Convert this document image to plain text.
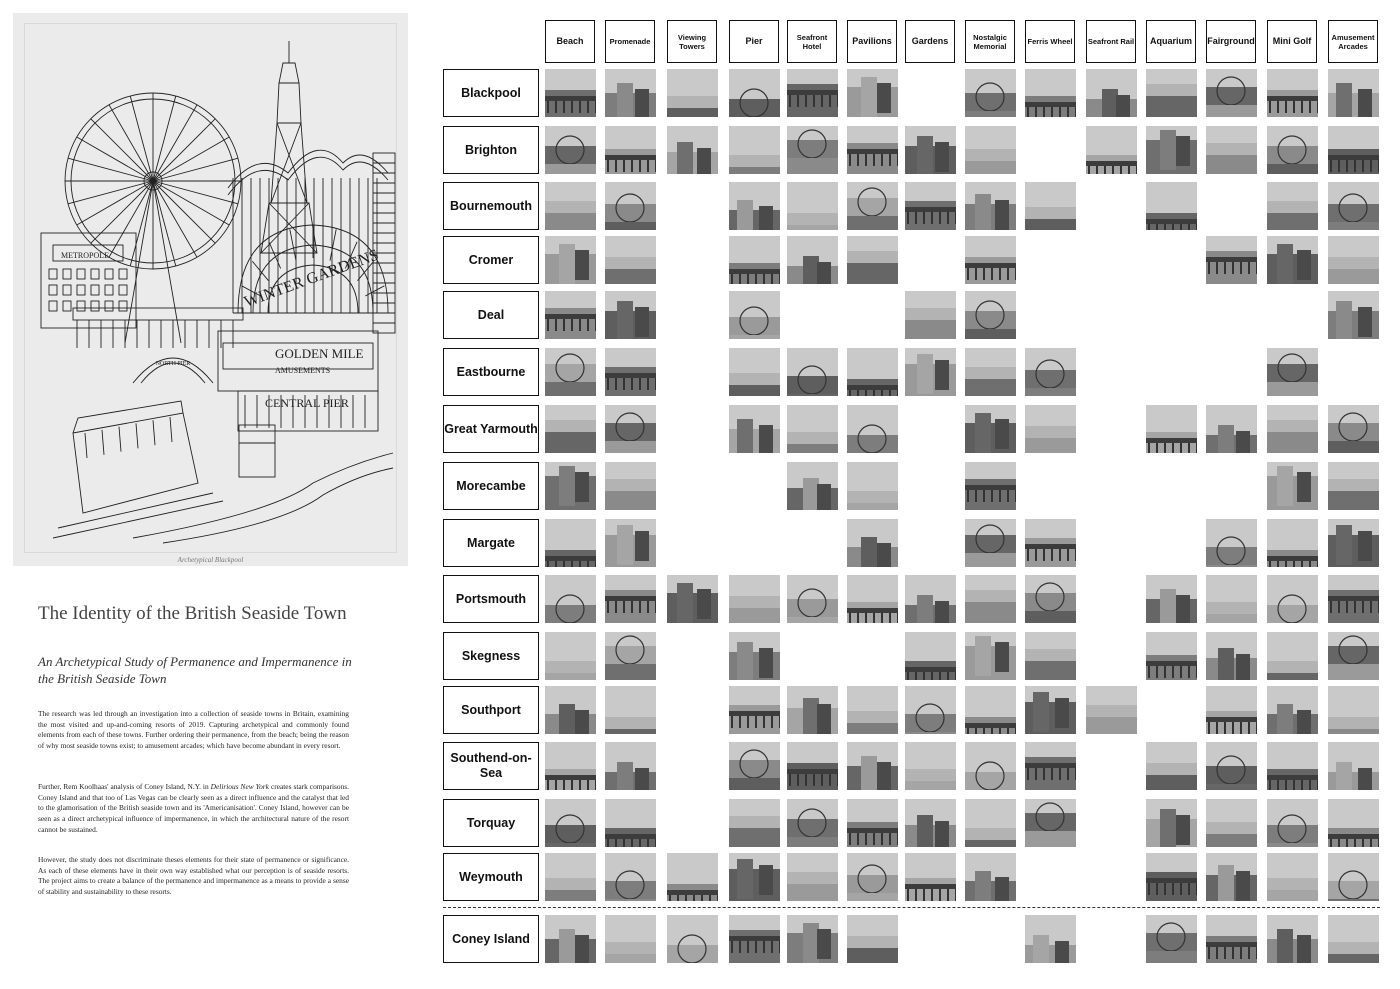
WINTER GARDENS
GOLDEN MILE
AMUSEMENTS
CENTRAL PIER
METROPOLE
NORTH PIER
Archetypical Blackpool
The Identity of the British Seaside Town
An Archetypical Study of Permanence and Impermanence in the British Seaside Town
The research was led through an investigation into a collection of seaside towns in Britain, examining the most visited and up-and-coming resorts of 2019. Capturing archetypical and commonly found elements from each of these towns. Further ordering their permanence, from the beach; being the reason of why most seaside towns exist; to amusement arcades; which have become abundant in every resort.
Further, Rem Koolhaas' analysis of Coney Island, N.Y. in Delirious New York creates stark comparisons. Coney Island and that too of Las Vegas can be clearly seen as a direct influence and the catalyst that led to the glamorisation of the British seaside town and its 'Americanisation'. Coney Island, however can be seen as a direct archetypical influence of impermanence, in which the architectural nature of the resort cannot be sustained.
However, the study does not discriminate theses elements for their state of permanence or significance. As each of these elements have in their own way established what our perception is of seaside resorts. The project aims to create a balance of the permanence and impermanence as a means to provide a sense of stability and sustainability to these resorts.
Beach	Promenade	Viewing Towers	Pier	Seafront Hotel	Pavilions	Gardens	Nostalgic Memorial	Ferris Wheel	Seafront Rail	Aquarium	Fairground	Mini Golf	Amusement Arcades
Blackpool
Brighton
Bournemouth
Cromer
Deal
Eastbourne
Great Yarmouth
Morecambe
Margate
Portsmouth
Skegness
Southport
Southend-on-Sea
Torquay
Weymouth
Coney Island
